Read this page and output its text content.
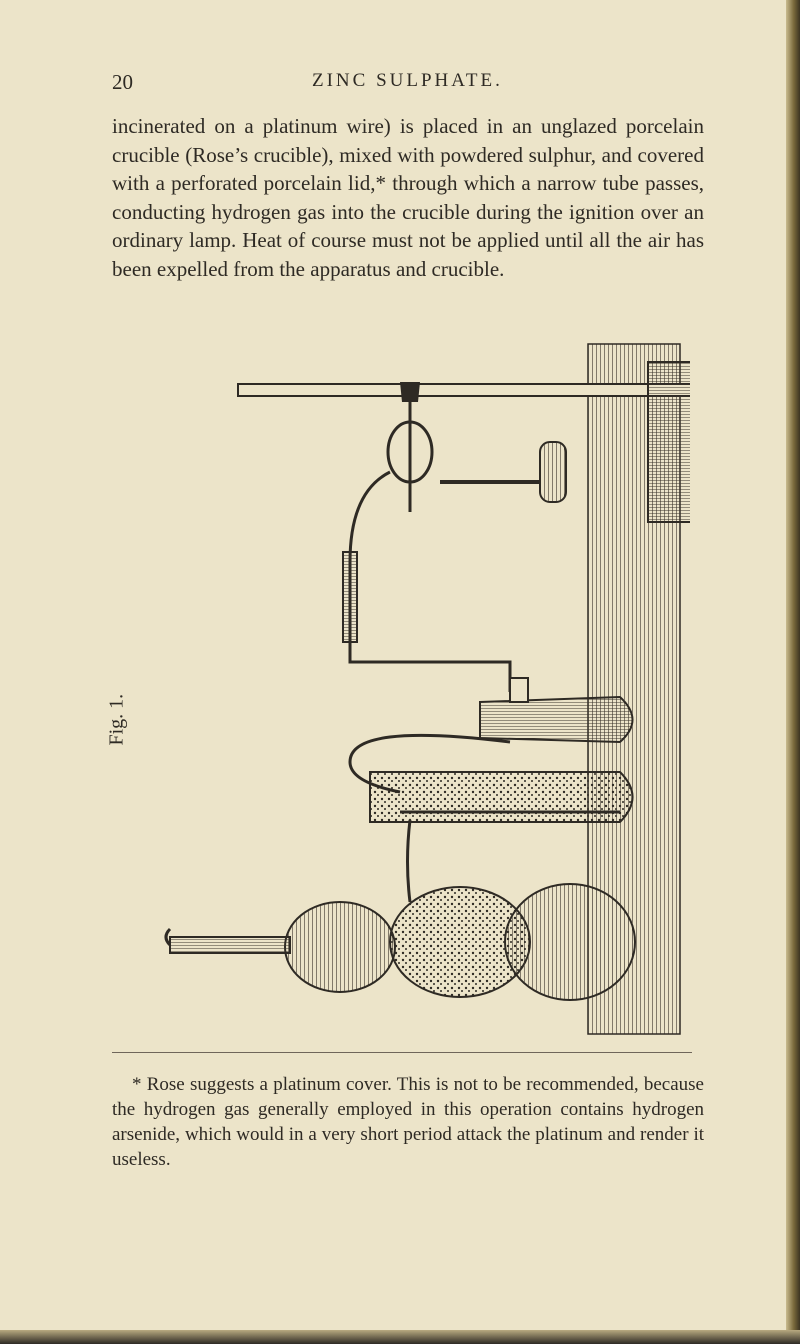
20	ZINC SULPHATE.
incinerated on a platinum wire) is placed in an unglazed porcelain crucible (Rose’s crucible), mixed with powdered sulphur, and covered with a perforated porcelain lid,* through which a narrow tube passes, conducting hydrogen gas into the crucible during the ignition over an ordinary lamp. Heat of course must not be applied until all the air has been expelled from the apparatus and crucible.
Fig. 1.
* Rose suggests a platinum cover. This is not to be recommended, because the hydrogen gas generally employed in this operation contains hydrogen arsenide, which would in a very short period attack the platinum and render it useless.
